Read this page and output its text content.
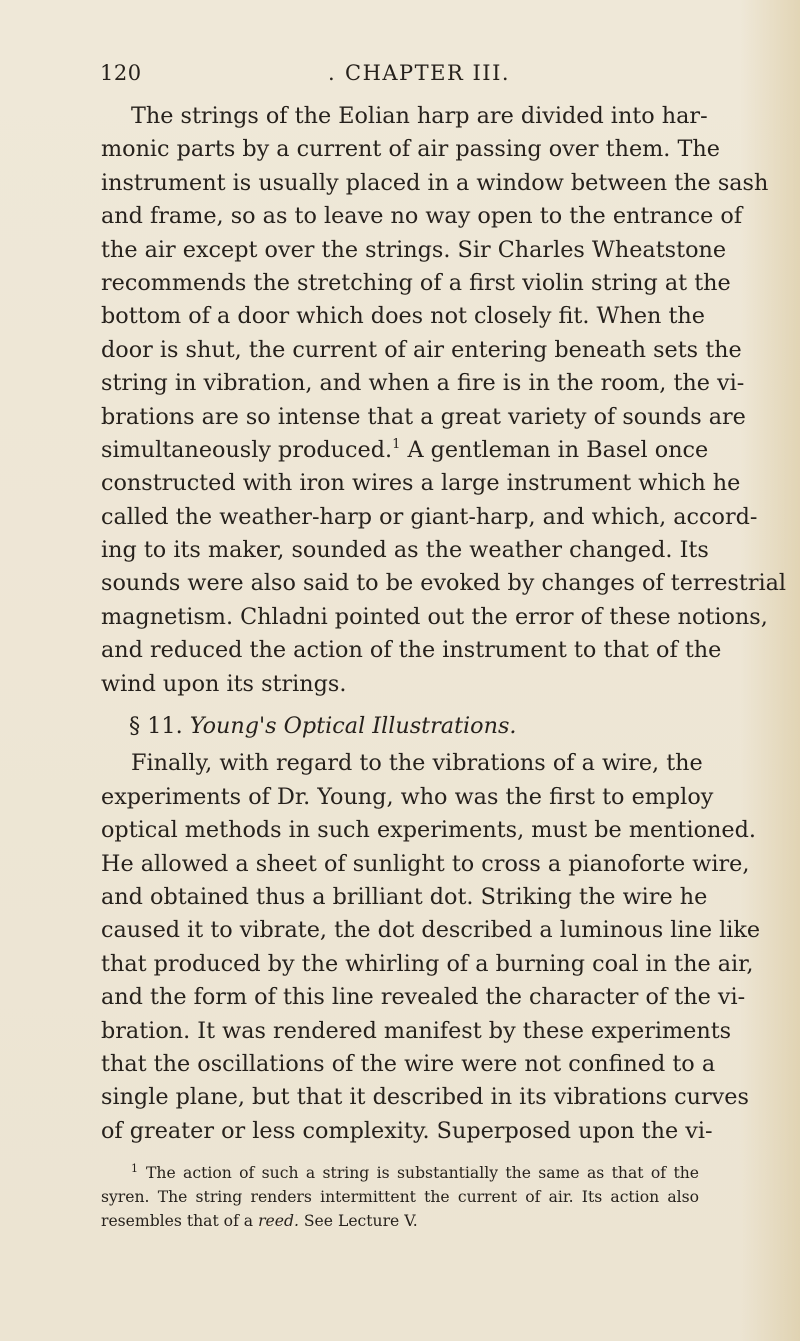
120	. CHAPTER III.
The strings of the Eolian harp are divided into har-
monic parts by a current of air passing over them. The
instrument is usually placed in a window between the sash
and frame, so as to leave no way open to the entrance of
the air except over the strings. Sir Charles Wheatstone
recommends the stretching of a first violin string at the
bottom of a door which does not closely fit. When the
door is shut, the current of air entering beneath sets the
string in vibration, and when a fire is in the room, the vi-
brations are so intense that a great variety of sounds are
simultaneously produced.$^1$ A gentleman in Basel once
constructed with iron wires a large instrument which he
called the weather-harp or giant-harp, and which, accord-
ing to its maker, sounded as the weather changed. Its
sounds were also said to be evoked by changes of terrestrial
magnetism. Chladni pointed out the error of these notions,
and reduced the action of the instrument to that of the
wind upon its strings.
§ 11. Young's Optical Illustrations.
Finally, with regard to the vibrations of a wire, the
experiments of Dr. Young, who was the first to employ
optical methods in such experiments, must be mentioned.
He allowed a sheet of sunlight to cross a pianoforte wire,
and obtained thus a brilliant dot. Striking the wire he
caused it to vibrate, the dot described a luminous line like
that produced by the whirling of a burning coal in the air,
and the form of this line revealed the character of the vi-
bration. It was rendered manifest by these experiments
that the oscillations of the wire were not confined to a
single plane, but that it described in its vibrations curves
of greater or less complexity. Superposed upon the vi-
$^1$ The action of such a string is substantially the same as that of the
syren. The string renders intermittent the current of air. Its action also
resembles that of a reed. See Lecture V.
